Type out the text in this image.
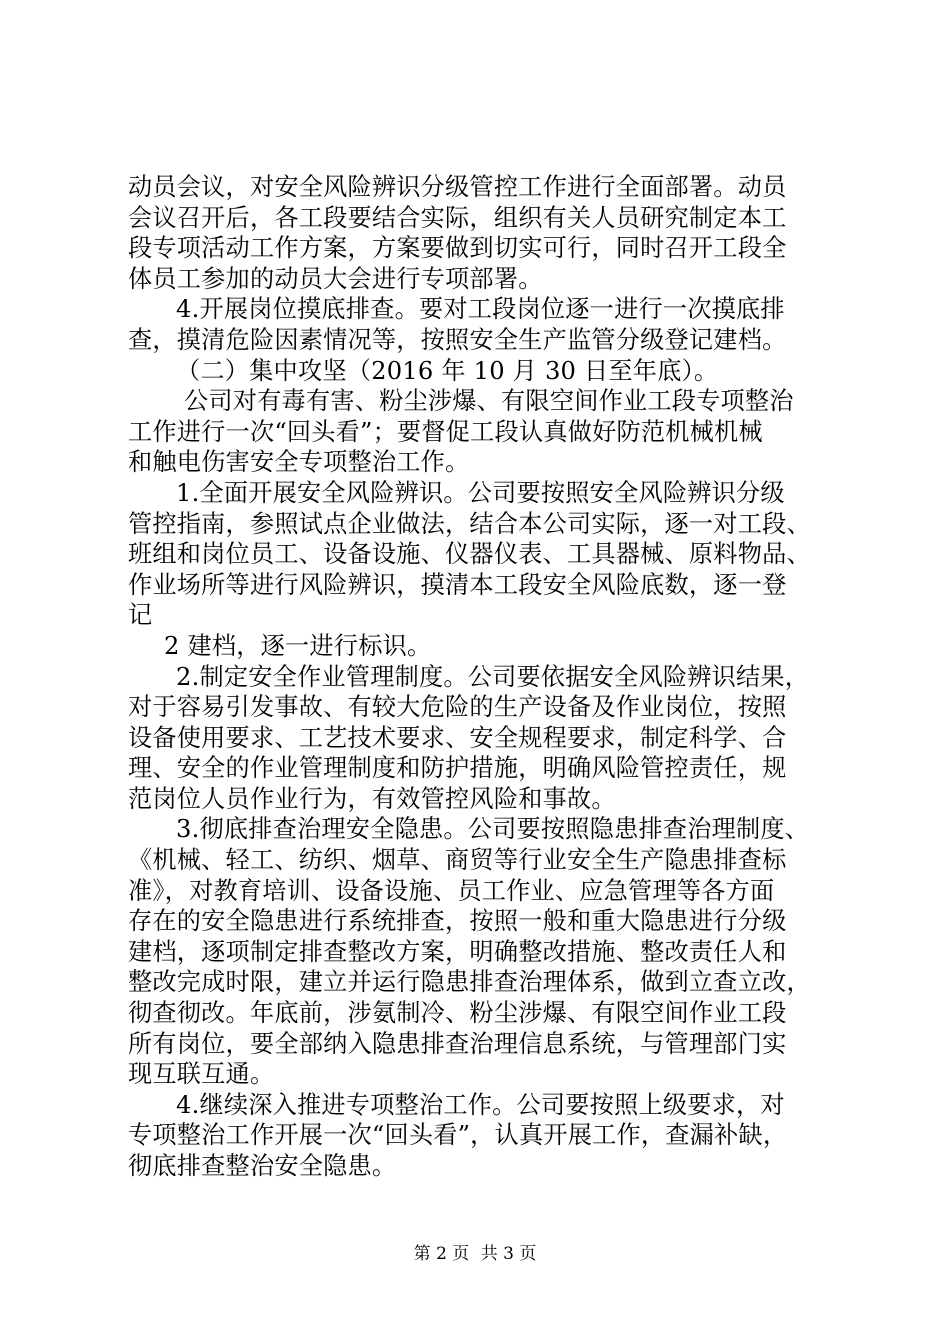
动员会议，对安全风险辨识分级管控工作进行全面部署。动员
会议召开后，各工段要结合实际，组织有关人员研究制定本工
段专项活动工作方案，方案要做到切实可行，同时召开工段全
体员工参加的动员大会进行专项部署。
4.开展岗位摸底排查。要对工段岗位逐一进行一次摸底排
查，摸清危险因素情况等，按照安全生产监管分级登记建档。
（二）集中攻坚（2016 年 10 月 30 日至年底）。
公司对有毒有害、粉尘涉爆、有限空间作业工段专项整治
工作进行一次“回头看”；要督促工段认真做好防范机械机械
和触电伤害安全专项整治工作。
1.全面开展安全风险辨识。公司要按照安全风险辨识分级
管控指南，参照试点企业做法，结合本公司实际，逐一对工段、
班组和岗位员工、设备设施、仪器仪表、工具器械、原料物品、
作业场所等进行风险辨识，摸清本工段安全风险底数，逐一登
记
2 建档，逐一进行标识。
2.制定安全作业管理制度。公司要依据安全风险辨识结果，
对于容易引发事故、有较大危险的生产设备及作业岗位，按照
设备使用要求、工艺技术要求、安全规程要求，制定科学、合
理、安全的作业管理制度和防护措施，明确风险管控责任，规
范岗位人员作业行为，有效管控风险和事故。
3.彻底排查治理安全隐患。公司要按照隐患排查治理制度、
《机械、轻工、纺织、烟草、商贸等行业安全生产隐患排查标
准》，对教育培训、设备设施、员工作业、应急管理等各方面
存在的安全隐患进行系统排查，按照一般和重大隐患进行分级
建档，逐项制定排查整改方案，明确整改措施、整改责任人和
整改完成时限，建立并运行隐患排查治理体系，做到立查立改，
彻查彻改。年底前，涉氨制冷、粉尘涉爆、有限空间作业工段
所有岗位，要全部纳入隐患排查治理信息系统，与管理部门实
现互联互通。
4.继续深入推进专项整治工作。公司要按照上级要求，对
专项整治工作开展一次“回头看”，认真开展工作，查漏补缺，
彻底排查整治安全隐患。
第 2 页 共 3 页
